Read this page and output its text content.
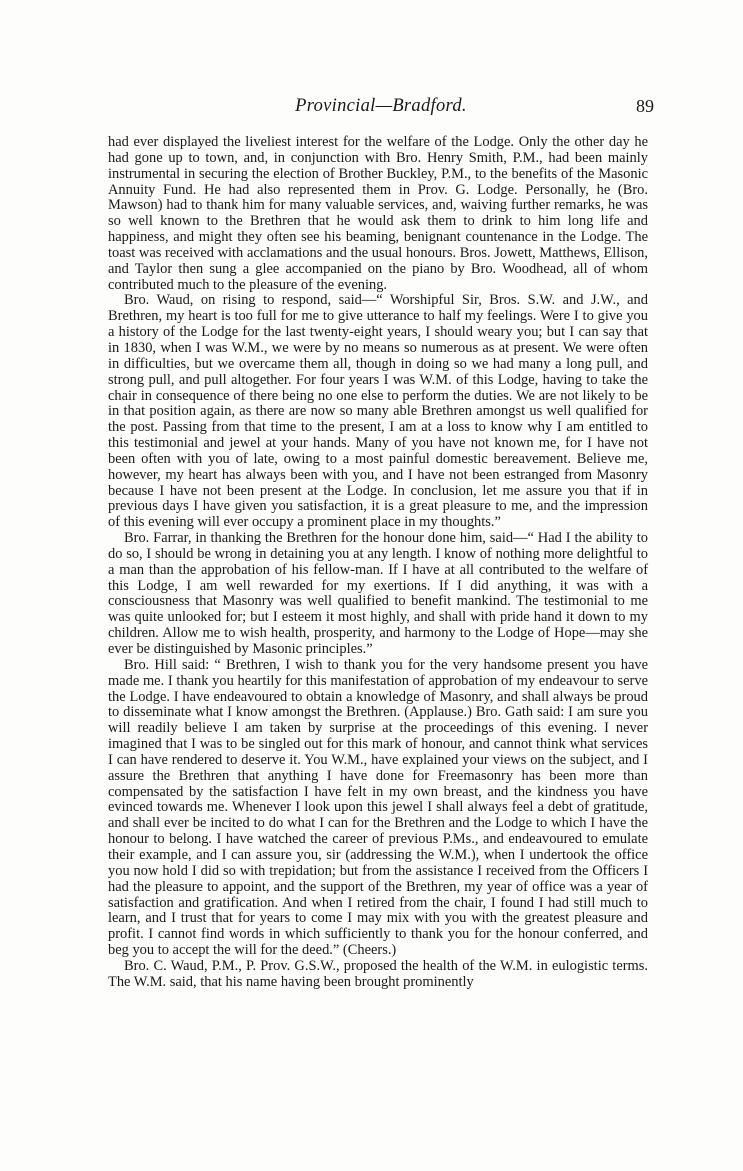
Provincial—Bradford.	89

had ever displayed the liveliest interest for the welfare of the Lodge. Only the other day he had gone up to town, and, in conjunction with Bro. Henry Smith, P.M., had been mainly instrumental in securing the election of Brother Buckley, P.M., to the benefits of the Masonic Annuity Fund. He had also represented them in Prov. G. Lodge. Personally, he (Bro. Mawson) had to thank him for many valuable services, and, waiving further remarks, he was so well known to the Brethren that he would ask them to drink to him long life and happiness, and might they often see his beaming, benignant countenance in the Lodge. The toast was received with acclamations and the usual honours. Bros. Jowett, Matthews, Ellison, and Taylor then sung a glee accompanied on the piano by Bro. Woodhead, all of whom contributed much to the pleasure of the evening.

Bro. Waud, on rising to respond, said—“ Worshipful Sir, Bros. S.W. and J.W., and Brethren, my heart is too full for me to give utterance to half my feelings. Were I to give you a history of the Lodge for the last twenty-eight years, I should weary you; but I can say that in 1830, when I was W.M., we were by no means so numerous as at present. We were often in difficulties, but we overcame them all, though in doing so we had many a long pull, and strong pull, and pull altogether. For four years I was W.M. of this Lodge, having to take the chair in consequence of there being no one else to perform the duties. We are not likely to be in that position again, as there are now so many able Brethren amongst us well qualified for the post. Passing from that time to the present, I am at a loss to know why I am entitled to this testimonial and jewel at your hands. Many of you have not known me, for I have not been often with you of late, owing to a most painful domestic bereavement. Believe me, however, my heart has always been with you, and I have not been estranged from Masonry because I have not been present at the Lodge. In conclusion, let me assure you that if in previous days I have given you satisfaction, it is a great pleasure to me, and the impression of this evening will ever occupy a prominent place in my thoughts.”

Bro. Farrar, in thanking the Brethren for the honour done him, said—“ Had I the ability to do so, I should be wrong in detaining you at any length. I know of nothing more delightful to a man than the approbation of his fellow-man. If I have at all contributed to the welfare of this Lodge, I am well rewarded for my exertions. If I did anything, it was with a consciousness that Masonry was well qualified to benefit mankind. The testimonial to me was quite unlooked for; but I esteem it most highly, and shall with pride hand it down to my children. Allow me to wish health, prosperity, and harmony to the Lodge of Hope—may she ever be distinguished by Masonic principles.”

Bro. Hill said: “ Brethren, I wish to thank you for the very handsome present you have made me. I thank you heartily for this manifestation of approbation of my endeavour to serve the Lodge. I have endeavoured to obtain a knowledge of Masonry, and shall always be proud to disseminate what I know amongst the Brethren. (Applause.) Bro. Gath said: I am sure you will readily believe I am taken by surprise at the proceedings of this evening. I never imagined that I was to be singled out for this mark of honour, and cannot think what services I can have rendered to deserve it. You W.M., have explained your views on the subject, and I assure the Brethren that anything I have done for Freemasonry has been more than compensated by the satisfaction I have felt in my own breast, and the kindness you have evinced towards me. Whenever I look upon this jewel I shall always feel a debt of gratitude, and shall ever be incited to do what I can for the Brethren and the Lodge to which I have the honour to belong. I have watched the career of previous P.Ms., and endeavoured to emulate their example, and I can assure you, sir (addressing the W.M.), when I undertook the office you now hold I did so with trepidation; but from the assistance I received from the Officers I had the pleasure to appoint, and the support of the Brethren, my year of office was a year of satisfaction and gratification. And when I retired from the chair, I found I had still much to learn, and I trust that for years to come I may mix with you with the greatest pleasure and profit. I cannot find words in which sufficiently to thank you for the honour conferred, and beg you to accept the will for the deed.” (Cheers.)

Bro. C. Waud, P.M., P. Prov. G.S.W., proposed the health of the W.M. in eulogistic terms. The W.M. said, that his name having been brought prominently
